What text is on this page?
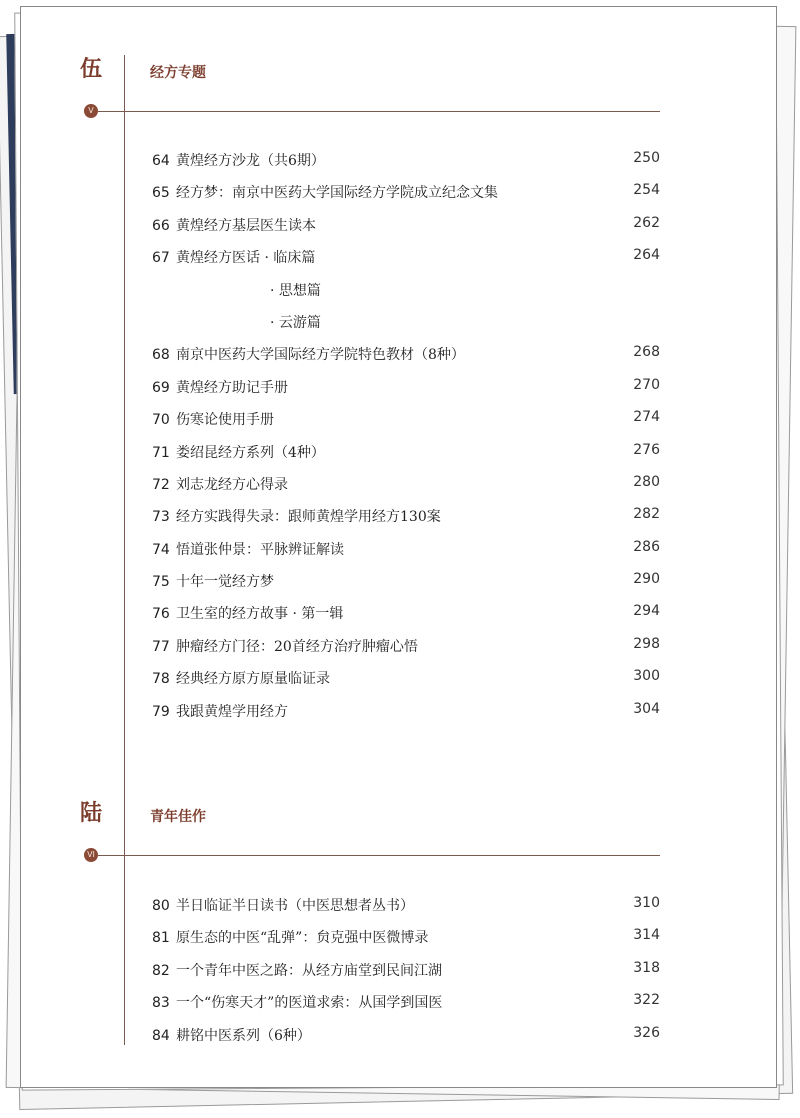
伍	经方专题
V
64 黄煌经方沙龙（共6期）	250
65 经方梦：南京中医药大学国际经方学院成立纪念文集	254
66 黄煌经方基层医生读本	262
67 黄煌经方医话 · 临床篇	264
· 思想篇
· 云游篇
68 南京中医药大学国际经方学院特色教材（8种）	268
69 黄煌经方助记手册	270
70 伤寒论使用手册	274
71 娄绍昆经方系列（4种）	276
72 刘志龙经方心得录	280
73 经方实践得失录：跟师黄煌学用经方130案	282
74 悟道张仲景：平脉辨证解读	286
75 十年一觉经方梦	290
76 卫生室的经方故事 · 第一辑	294
77 肿瘤经方门径：20首经方治疗肿瘤心悟	298
78 经典经方原方原量临证录	300
79 我跟黄煌学用经方	304
陆	青年佳作
VI
80 半日临证半日读书（中医思想者丛书）	310
81 原生态的中医“乱弹”：贠克强中医微博录	314
82 一个青年中医之路：从经方庙堂到民间江湖	318
83 一个“伤寒天才”的医道求索：从国学到国医	322
84 耕铭中医系列（6种）	326
